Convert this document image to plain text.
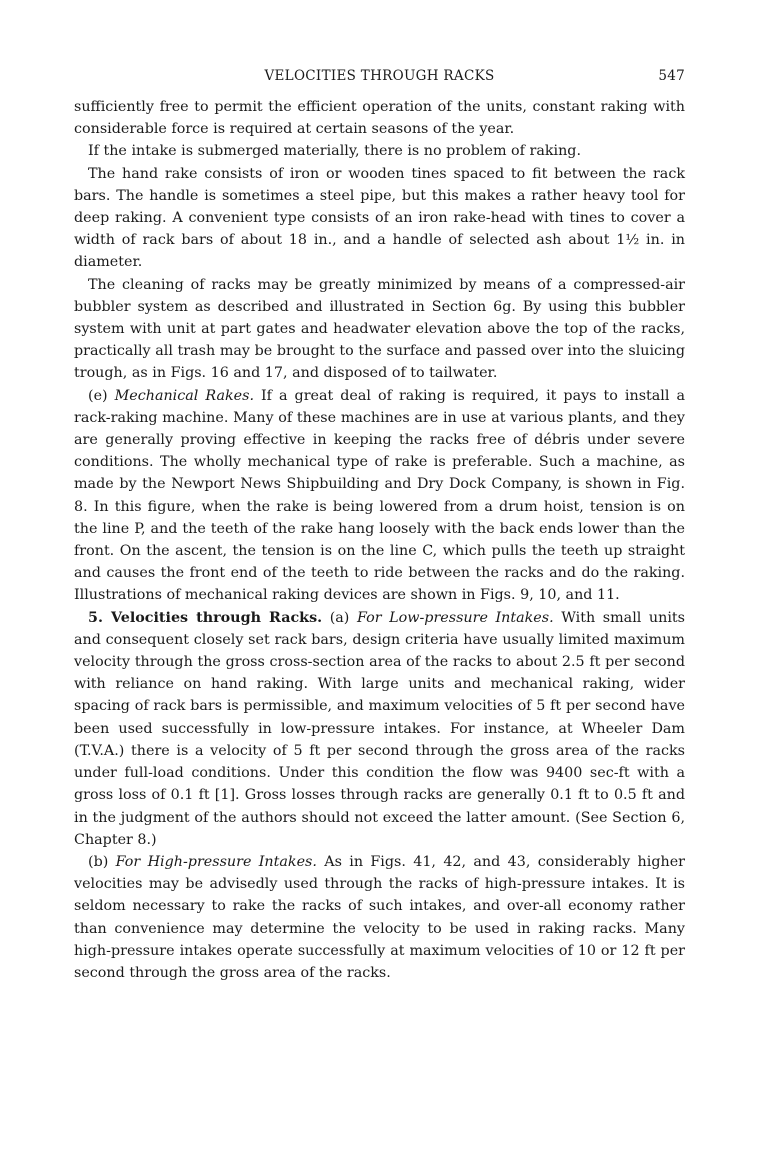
VELOCITIES THROUGH RACKS	547

sufficiently free to permit the efficient operation of the units, constant raking with considerable force is required at certain seasons of the year.

If the intake is submerged materially, there is no problem of raking.

The hand rake consists of iron or wooden tines spaced to fit between the rack bars. The handle is sometimes a steel pipe, but this makes a rather heavy tool for deep raking. A convenient type consists of an iron rake-head with tines to cover a width of rack bars of about 18 in., and a handle of selected ash about 1½ in. in diameter.

The cleaning of racks may be greatly minimized by means of a compressed-air bubbler system as described and illustrated in Section 6g. By using this bubbler system with unit at part gates and headwater elevation above the top of the racks, practically all trash may be brought to the surface and passed over into the sluicing trough, as in Figs. 16 and 17, and disposed of to tailwater.

(e) Mechanical Rakes. If a great deal of raking is required, it pays to install a rack-raking machine. Many of these machines are in use at various plants, and they are generally proving effective in keeping the racks free of débris under severe conditions. The wholly mechanical type of rake is preferable. Such a machine, as made by the Newport News Shipbuilding and Dry Dock Company, is shown in Fig. 8. In this figure, when the rake is being lowered from a drum hoist, tension is on the line P, and the teeth of the rake hang loosely with the back ends lower than the front. On the ascent, the tension is on the line C, which pulls the teeth up straight and causes the front end of the teeth to ride between the racks and do the raking. Illustrations of mechanical raking devices are shown in Figs. 9, 10, and 11.

5. Velocities through Racks. (a) For Low-pressure Intakes. With small units and consequent closely set rack bars, design criteria have usually limited maximum velocity through the gross cross-section area of the racks to about 2.5 ft per second with reliance on hand raking. With large units and mechanical raking, wider spacing of rack bars is permissible, and maximum velocities of 5 ft per second have been used successfully in low-pressure intakes. For instance, at Wheeler Dam (T.V.A.) there is a velocity of 5 ft per second through the gross area of the racks under full-load conditions. Under this condition the flow was 9400 sec-ft with a gross loss of 0.1 ft [1]. Gross losses through racks are generally 0.1 ft to 0.5 ft and in the judgment of the authors should not exceed the latter amount. (See Section 6, Chapter 8.)

(b) For High-pressure Intakes. As in Figs. 41, 42, and 43, considerably higher velocities may be advisedly used through the racks of high-pressure intakes. It is seldom necessary to rake the racks of such intakes, and over-all economy rather than convenience may determine the velocity to be used in raking racks. Many high-pressure intakes operate successfully at maximum velocities of 10 or 12 ft per second through the gross area of the racks.
